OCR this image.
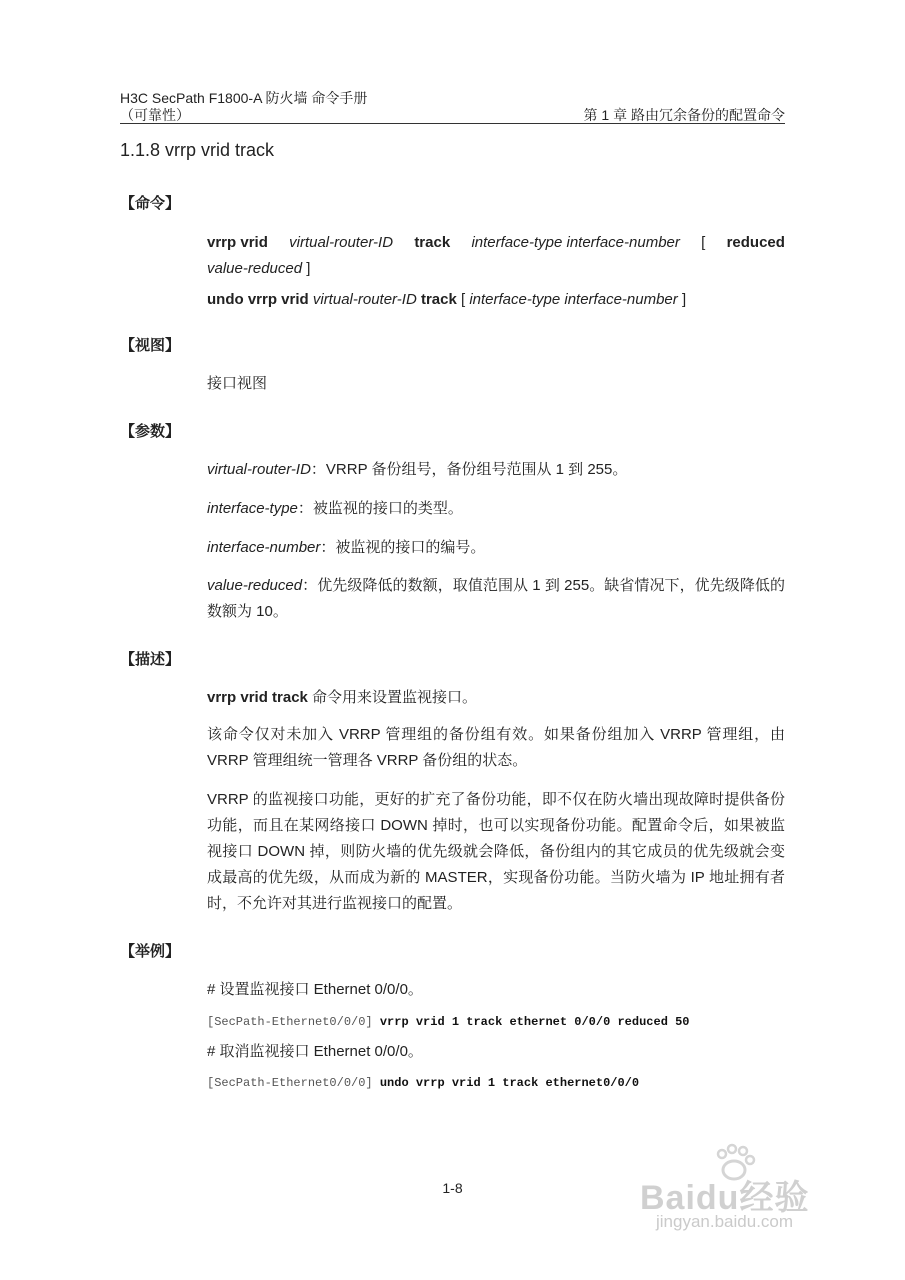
H3C SecPath F1800-A 防火墙 命令手册
（可靠性）	第 1 章 路由冗余备份的配置命令
1.1.8 vrrp vrid track
【命令】
vrrp vrid virtual-router-ID track interface-type interface-number [ reduced
value-reduced ]
undo vrrp vrid virtual-router-ID track [ interface-type interface-number ]
【视图】
接口视图
【参数】
virtual-router-ID：VRRP 备份组号，备份组号范围从 1 到 255。
interface-type：被监视的接口的类型。
interface-number：被监视的接口的编号。
value-reduced：优先级降低的数额，取值范围从 1 到 255。缺省情况下，优先级降低的数额为 10。
【描述】
vrrp vrid track 命令用来设置监视接口。
该命令仅对未加入 VRRP 管理组的备份组有效。如果备份组加入 VRRP 管理组，由 VRRP 管理组统一管理各 VRRP 备份组的状态。
VRRP 的监视接口功能，更好的扩充了备份功能，即不仅在防火墙出现故障时提供备份功能，而且在某网络接口 DOWN 掉时，也可以实现备份功能。配置命令后，如果被监视接口 DOWN 掉，则防火墙的优先级就会降低，备份组内的其它成员的优先级就会变成最高的优先级，从而成为新的 MASTER，实现备份功能。当防火墙为 IP 地址拥有者时，不允许对其进行监视接口的配置。
【举例】
# 设置监视接口 Ethernet 0/0/0。
[SecPath-Ethernet0/0/0] vrrp vrid 1 track ethernet 0/0/0 reduced 50
# 取消监视接口 Ethernet 0/0/0。
[SecPath-Ethernet0/0/0] undo vrrp vrid 1 track ethernet0/0/0
1-8	Baidu经验
jingyan.baidu.com
